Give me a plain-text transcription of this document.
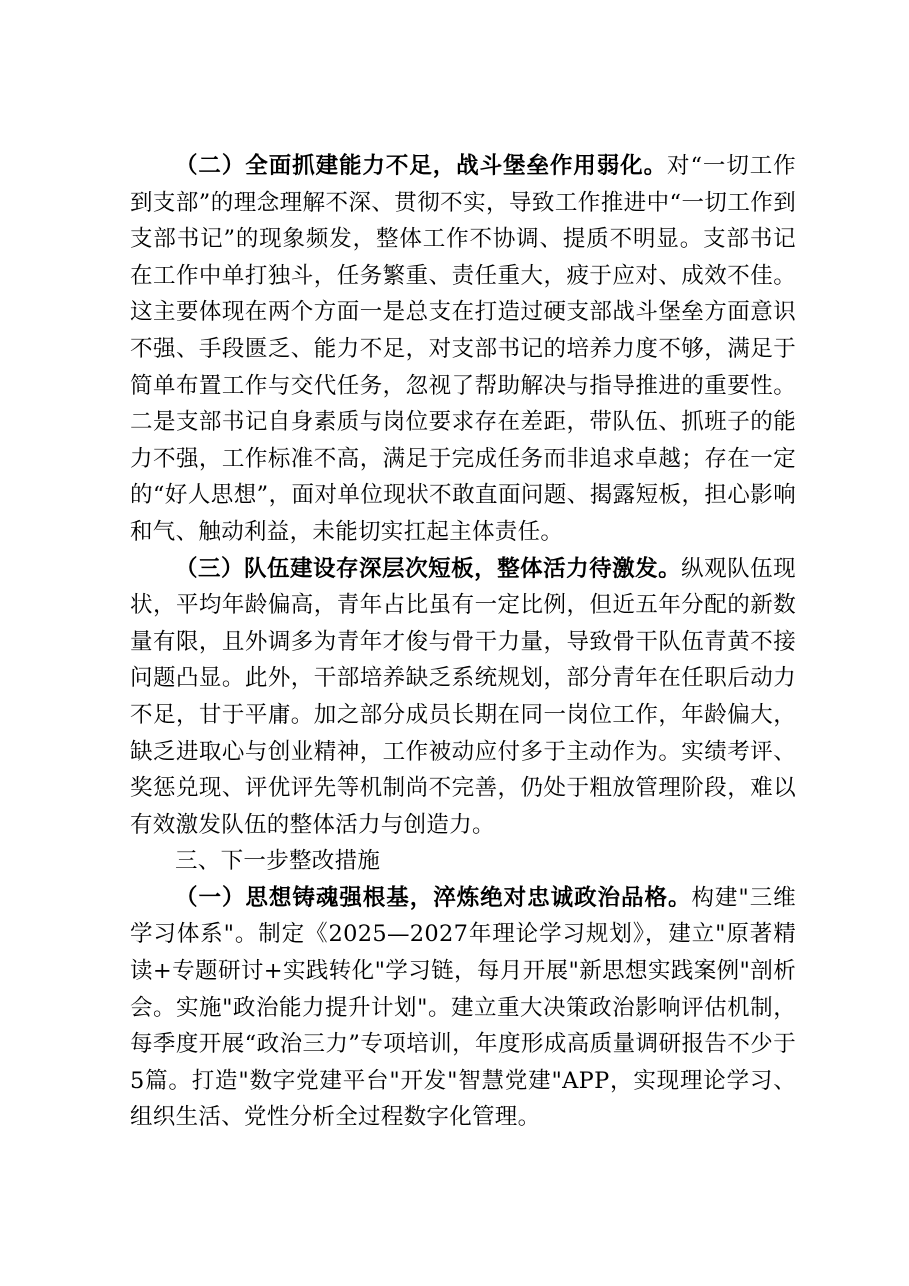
（二）全面抓建能力不足，战斗堡垒作用弱化。对“一切工作到支部”的理念理解不深、贯彻不实，导致工作推进中“一切工作到支部书记”的现象频发，整体工作不协调、提质不明显。支部书记在工作中单打独斗，任务繁重、责任重大，疲于应对、成效不佳。这主要体现在两个方面一是总支在打造过硬支部战斗堡垒方面意识不强、手段匮乏、能力不足，对支部书记的培养力度不够，满足于简单布置工作与交代任务，忽视了帮助解决与指导推进的重要性。二是支部书记自身素质与岗位要求存在差距，带队伍、抓班子的能力不强，工作标准不高，满足于完成任务而非追求卓越；存在一定的“好人思想”，面对单位现状不敢直面问题、揭露短板，担心影响和气、触动利益，未能切实扛起主体责任。

（三）队伍建设存深层次短板，整体活力待激发。纵观队伍现状，平均年龄偏高，青年占比虽有一定比例，但近五年分配的新数量有限，且外调多为青年才俊与骨干力量，导致骨干队伍青黄不接问题凸显。此外，干部培养缺乏系统规划，部分青年在任职后动力不足，甘于平庸。加之部分成员长期在同一岗位工作，年龄偏大，缺乏进取心与创业精神，工作被动应付多于主动作为。实绩考评、奖惩兑现、评优评先等机制尚不完善，仍处于粗放管理阶段，难以有效激发队伍的整体活力与创造力。

三、下一步整改措施

（一）思想铸魂强根基，淬炼绝对忠诚政治品格。构建"三维学习体系"。制定《2025—2027年理论学习规划》，建立"原著精读+专题研讨+实践转化"学习链，每月开展"新思想实践案例"剖析会。实施"政治能力提升计划"。建立重大决策政治影响评估机制，每季度开展“政治三力”专项培训，年度形成高质量调研报告不少于5篇。打造"数字党建平台"开发"智慧党建"APP，实现理论学习、组织生活、党性分析全过程数字化管理。
